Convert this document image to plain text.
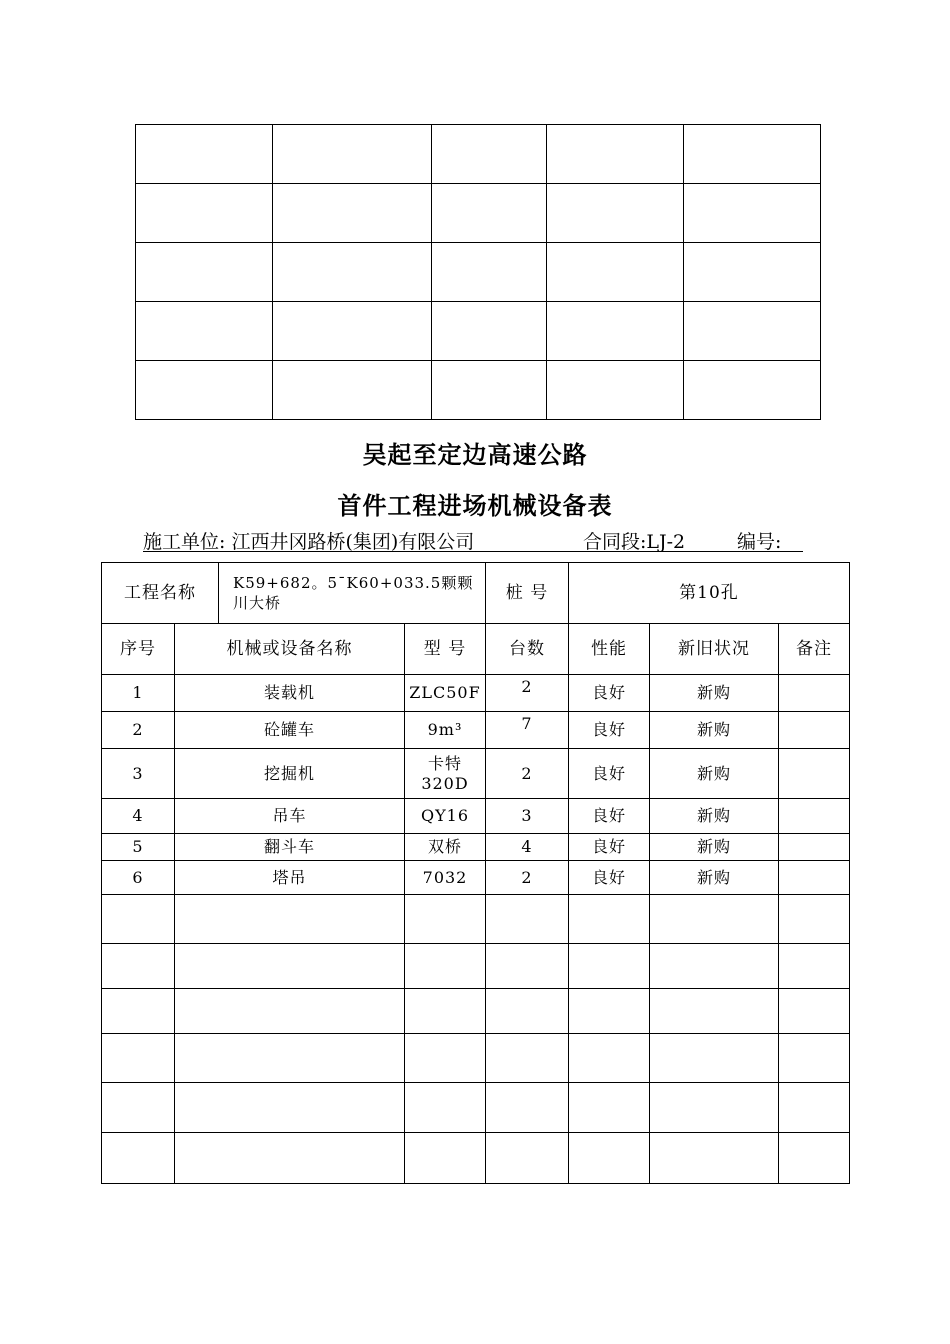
吴起至定边高速公路
首件工程进场机械设备表
施工单位: 江西井冈路桥(集团)有限公司	合同段:LJ-2	编号:
工程名称		K59+682。5¯K60+033.5颗颗川大桥		桩 号	第10孔		
序号	机械或设备名称		型 号	台数	性能	新旧状况	备注
1	装载机		ZLC50F	2	良好	新购	
2	砼罐车		9m³	7	良好	新购	
3	挖掘机		卡特320D	2	良好	新购	
4	吊车		QY16	3	良好	新购	
5	翻斗车		双桥	4	良好	新购	
6	塔吊		7032	2	良好	新购	
